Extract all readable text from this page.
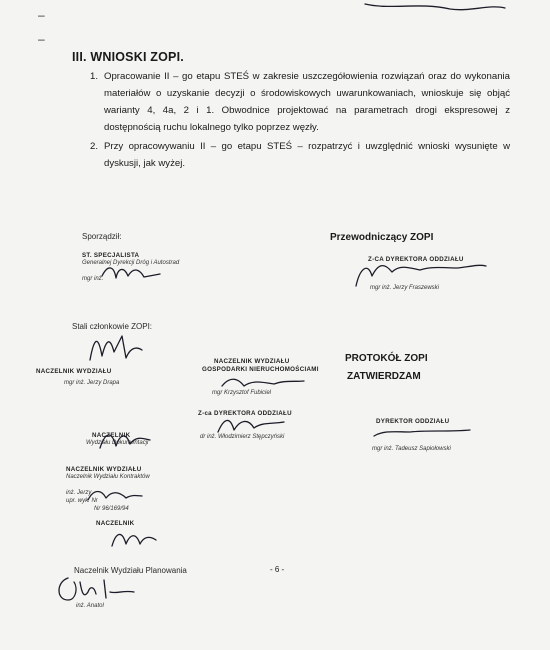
–
–
III. WNIOSKI ZOPI.
1. Opracowanie II – go etapu STEŚ w zakresie uszczegółowienia rozwiązań oraz do wykonania materiałów o uzyskanie decyzji o środowiskowych uwarunkowaniach, wnioskuje się objąć warianty 4, 4a, 2 i 1. Obwodnice projektować na parametrach drogi ekspresowej z dostępnością ruchu lokalnego tylko poprzez węzły.
2. Przy opracowywaniu II – go etapu STEŚ – rozpatrzyć i uwzględnić wnioski wysunięte w dyskusji, jak wyżej.
Sporządził:
ST. SPECJALISTA
Generalnej Dyrekcji Dróg i Autostrad
mgr inż.
Przewodniczący ZOPI
Z-CA DYREKTORA ODDZIAŁU
mgr inż. Jerzy Fraszewski
Stali członkowie ZOPI:
NACZELNIK WYDZIAŁU
mgr inż. Jerzy Drapa
NACZELNIK WYDZIAŁU
GOSPODARKI NIERUCHOMOŚCIAMI
mgr Krzysztof Fubiciel
PROTOKÓŁ ZOPI
ZATWIERDZAM
Z-ca DYREKTORA ODDZIAŁU
dr inż. Włodzimierz Stępczyński
DYREKTOR ODDZIAŁU
mgr inż. Tadeusz Sapiołowski
NACZELNIK
Wydziału Dokumentacji
NACZELNIK WYDZIAŁU
Naczelnik Wydziału Kontraktów
inż. Jerzy
upr. wyk. Nr
Nr 96/169/94
NACZELNIK
Naczelnik Wydziału Planowania
inż. Anatol
- 6 -
